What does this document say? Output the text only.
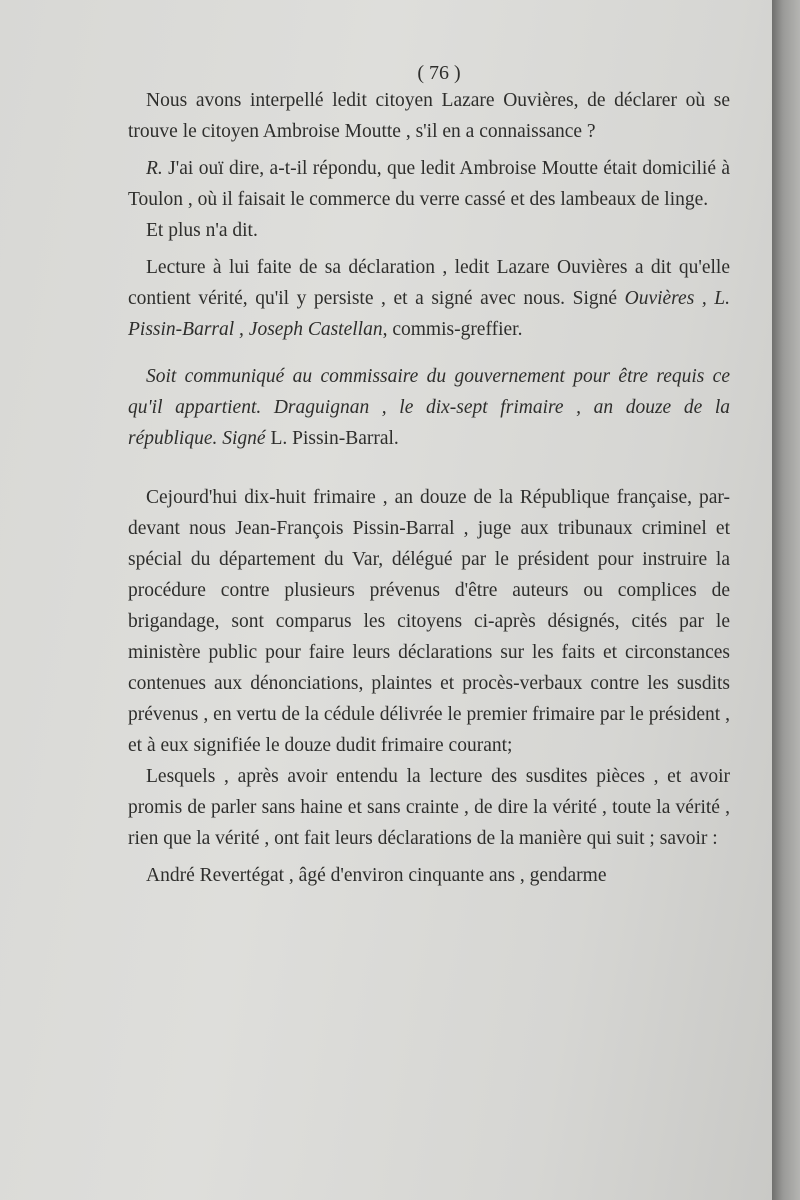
( 76 )

Nous avons interpellé ledit citoyen Lazare Ouvières, de déclarer où se trouve le citoyen Ambroise Moutte , s'il en a connaissance ?

R. J'ai ouï dire, a-t-il répondu, que ledit Ambroise Moutte était domicilié à Toulon , où il faisait le commerce du verre cassé et des lambeaux de linge.

Et plus n'a dit.

Lecture à lui faite de sa déclaration , ledit Lazare Ouvières a dit qu'elle contient vérité, qu'il y persiste , et a signé avec nous. Signé Ouvières , L. Pissin-Barral , Joseph Castellan, commis-greffier.

Soit communiqué au commissaire du gouvernement pour être requis ce qu'il appartient. Draguignan , le dix-sept frimaire , an douze de la république. Signé L. Pissin-Barral.

Cejourd'hui dix-huit frimaire , an douze de la République française, par-devant nous Jean-François Pissin-Barral , juge aux tribunaux criminel et spécial du département du Var, délégué par le président pour instruire la procédure contre plusieurs prévenus d'être auteurs ou complices de brigandage, sont comparus les citoyens ci-après désignés, cités par le ministère public pour faire leurs déclarations sur les faits et circonstances contenues aux dénonciations, plaintes et procès-verbaux contre les susdits prévenus , en vertu de la cédule délivrée le premier frimaire par le président , et à eux signifiée le douze dudit frimaire courant;

Lesquels , après avoir entendu la lecture des susdites pièces , et avoir promis de parler sans haine et sans crainte , de dire la vérité , toute la vérité , rien que la vérité , ont fait leurs déclarations de la manière qui suit ; savoir :

André Revertégat , âgé d'environ cinquante ans , gendarme
